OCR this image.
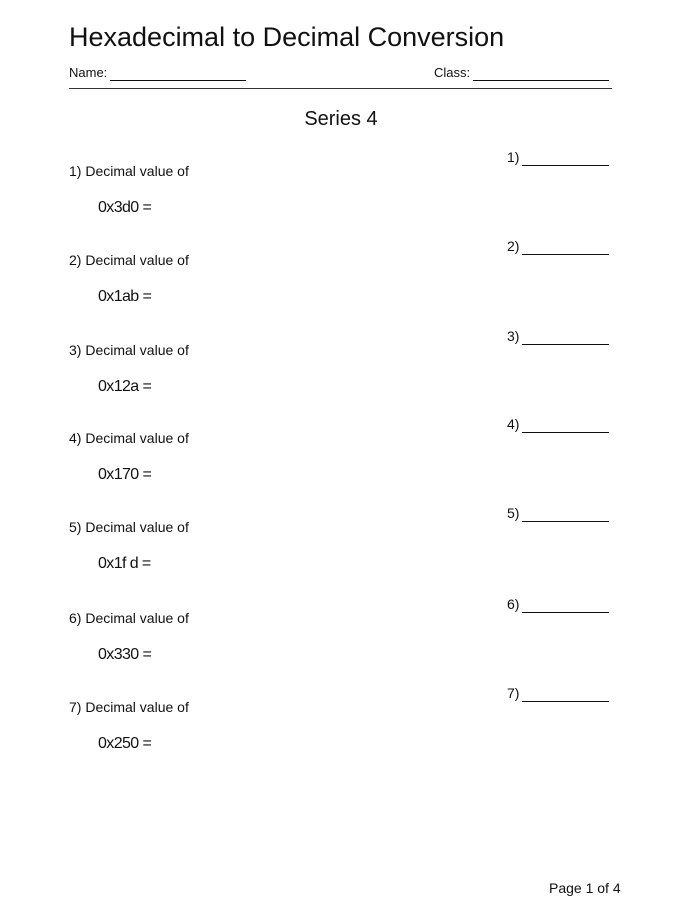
Hexadecimal to Decimal Conversion
Name:	Class:
Series 4
1) Decimal value of
0x3d0 =
1)
2) Decimal value of
0x1ab =
2)
3) Decimal value of
0x12a =
3)
4) Decimal value of
0x170 =
4)
5) Decimal value of
0x1f d =
5)
6) Decimal value of
0x330 =
6)
7) Decimal value of
0x250 =
7)
Page 1 of 4
